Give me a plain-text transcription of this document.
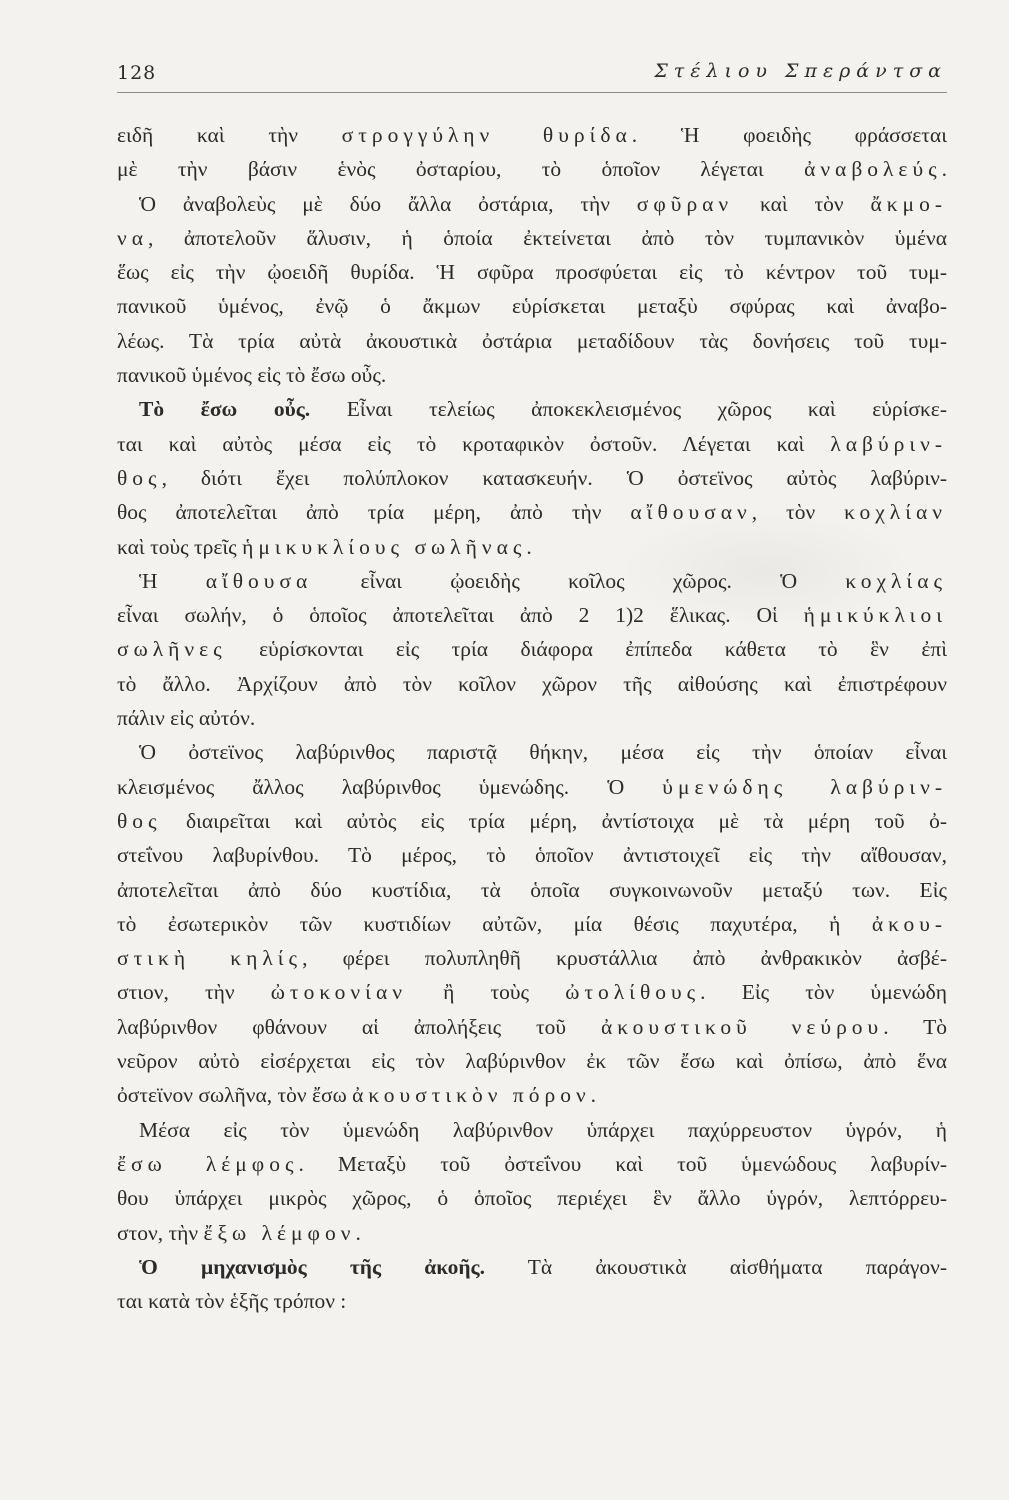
128	Στέλιου Σπεράντσα
ειδῆ καὶ τὴν στρογγύλην θυρίδα. Ἡ φοειδὴς φράσσεται
μὲ τὴν βάσιν ἑνὸς ὀσταρίου, τὸ ὁποῖον λέγεται ἀναβολεύς.
Ὁ ἀναβολεὺς μὲ δύο ἄλλα ὀστάρια, τὴν σφῦραν καὶ τὸν ἄκμο-
να, ἀποτελοῦν ἅλυσιν, ἡ ὁποία ἐκτείνεται ἀπὸ τὸν τυμπανικὸν ὑμένα
ἕως εἰς τὴν ᾠοειδῆ θυρίδα. Ἡ σφῦρα προσφύεται εἰς τὸ κέντρον τοῦ τυμ-
πανικοῦ ὑμένος, ἐνῷ ὁ ἄκμων εὑρίσκεται μεταξὺ σφύρας καὶ ἀναβο-
λέως. Τὰ τρία αὐτὰ ἀκουστικὰ ὀστάρια μεταδίδουν τὰς δονήσεις τοῦ τυμ-
πανικοῦ ὑμένος εἰς τὸ ἔσω οὖς.
Τὸ ἔσω οὖς. Εἶναι τελείως ἀποκεκλεισμένος χῶρος καὶ εὑρίσκε-
ται καὶ αὐτὸς μέσα εἰς τὸ κροταφικὸν ὀστοῦν. Λέγεται καὶ λαβύριν-
θος, διότι ἔχει πολύπλοκον κατασκευήν. Ὁ ὀστεϊνος αὐτὸς λαβύριν-
θος ἀποτελεῖται ἀπὸ τρία μέρη, ἀπὸ τὴν αἴθουσαν, τὸν κοχλίαν
καὶ τοὺς τρεῖς ἡμικυκλίους σωλῆνας.
Ἡ αἴθουσα εἶναι ᾠοειδὴς κοῖλος χῶρος. Ὁ κοχλίας
εἶναι σωλήν, ὁ ὁποῖος ἀποτελεῖται ἀπὸ 2 1)2 ἕλικας. Οἱ ἡμικύκλιοι
σωλῆνες εὑρίσκονται εἰς τρία διάφορα ἐπίπεδα κάθετα τὸ ἓν ἐπὶ
τὸ ἄλλο. Ἀρχίζουν ἀπὸ τὸν κοῖλον χῶρον τῆς αἰθούσης καὶ ἐπιστρέφουν
πάλιν εἰς αὐτόν.
Ὁ ὀστεϊνος λαβύρινθος παριστᾷ θήκην, μέσα εἰς τὴν ὁποίαν εἶναι
κλεισμένος ἄλλος λαβύρινθος ὑμενώδης. Ὁ ὑμενώδης λαβύριν-
θος διαιρεῖται καὶ αὐτὸς εἰς τρία μέρη, ἀντίστοιχα μὲ τὰ μέρη τοῦ ὀ-
στεΐνου λαβυρίνθου. Τὸ μέρος, τὸ ὁποῖον ἀντιστοιχεῖ εἰς τὴν αἴθουσαν,
ἀποτελεῖται ἀπὸ δύο κυστίδια, τὰ ὁποῖα συγκοινωνοῦν μεταξύ των. Εἰς
τὸ ἐσωτερικὸν τῶν κυστιδίων αὐτῶν, μία θέσις παχυτέρα, ἡ ἀκου-
στικὴ κηλίς, φέρει πολυπληθῆ κρυστάλλια ἀπὸ ἀνθρακικὸν ἀσβέ-
στιον, τὴν ὠτοκονίαν ἢ τοὺς ὠτολίθους. Εἰς τὸν ὑμενώδη
λαβύρινθον φθάνουν αἱ ἀπολήξεις τοῦ ἀκουστικοῦ νεύρου. Τὸ
νεῦρον αὐτὸ εἰσέρχεται εἰς τὸν λαβύρινθον ἐκ τῶν ἔσω καὶ ὀπίσω, ἀπὸ ἕνα
ὀστεϊνον σωλῆνα, τὸν ἔσω ἀκουστικὸν πόρον.
Μέσα εἰς τὸν ὑμενώδη λαβύρινθον ὑπάρχει παχύρρευστον ὑγρόν, ἡ
ἔσω λέμφος. Μεταξὺ τοῦ ὀστεΐνου καὶ τοῦ ὑμενώδους λαβυρίν-
θου ὑπάρχει μικρὸς χῶρος, ὁ ὁποῖος περιέχει ἓν ἄλλο ὑγρόν, λεπτόρρευ-
στον, τὴν ἔξω λέμφον.
Ὁ μηχανισμὸς τῆς ἀκοῆς. Τὰ ἀκουστικὰ αἰσθήματα παράγον-
ται κατὰ τὸν ἑξῆς τρόπον :
